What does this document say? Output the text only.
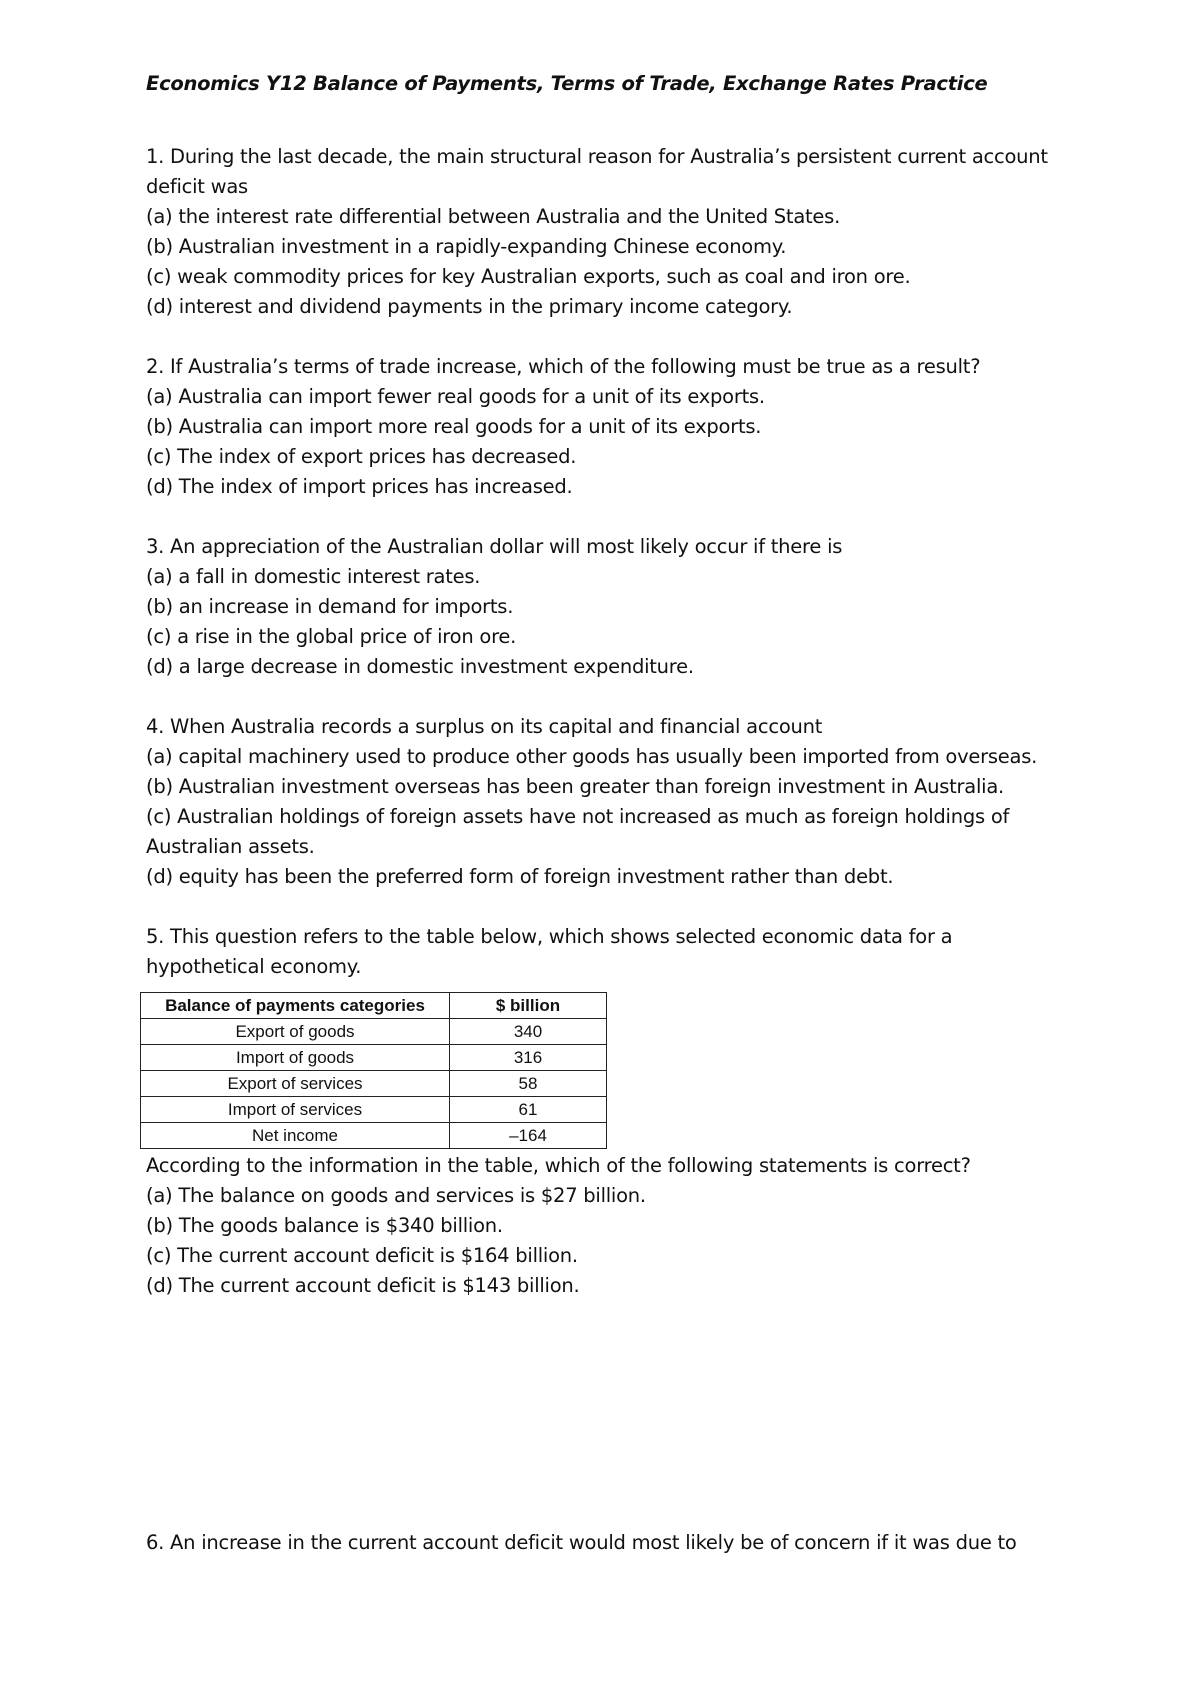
Economics Y12 Balance of Payments, Terms of Trade, Exchange Rates Practice
1. During the last decade, the main structural reason for Australia’s persistent current account deficit was
(a) the interest rate differential between Australia and the United States.
(b) Australian investment in a rapidly-expanding Chinese economy.
(c) weak commodity prices for key Australian exports, such as coal and iron ore.
(d) interest and dividend payments in the primary income category.
2. If Australia’s terms of trade increase, which of the following must be true as a result?
(a) Australia can import fewer real goods for a unit of its exports.
(b) Australia can import more real goods for a unit of its exports.
(c) The index of export prices has decreased.
(d) The index of import prices has increased.
3. An appreciation of the Australian dollar will most likely occur if there is
(a) a fall in domestic interest rates.
(b) an increase in demand for imports.
(c) a rise in the global price of iron ore.
(d) a large decrease in domestic investment expenditure.
4. When Australia records a surplus on its capital and financial account
(a) capital machinery used to produce other goods has usually been imported from overseas.
(b) Australian investment overseas has been greater than foreign investment in Australia.
(c) Australian holdings of foreign assets have not increased as much as foreign holdings of Australian assets.
(d) equity has been the preferred form of foreign investment rather than debt.
5. This question refers to the table below, which shows selected economic data for a hypothetical economy.
Balance of payments categories	$ billion
Export of goods	340
Import of goods	316
Export of services	58
Import of services	61
Net income	–164
According to the information in the table, which of the following statements is correct?
(a) The balance on goods and services is $27 billion.
(b) The goods balance is $340 billion.
(c) The current account deficit is $164 billion.
(d) The current account deficit is $143 billion.
6. An increase in the current account deficit would most likely be of concern if it was due to
